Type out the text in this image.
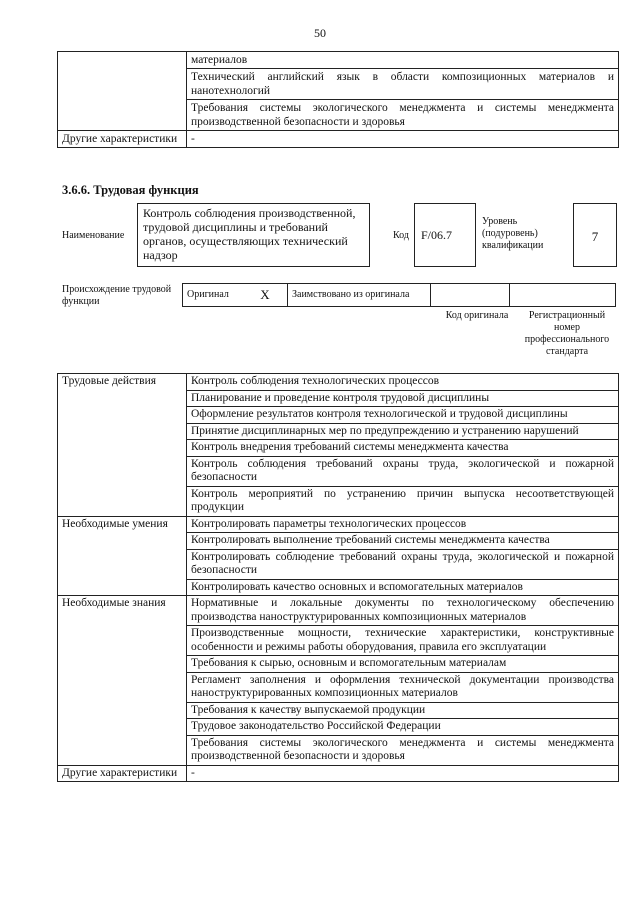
50
	материалов
	Технический английский язык в области композиционных материалов и нанотехнологий
	Требования системы экологического менеджмента и системы менеджмента производственной безопасности и здоровья
Другие характеристики	-
3.6.6. Трудовая функция
Наименование
Контроль соблюдения производственной, трудовой дисциплины и требований органов, осуществляющих технический надзор
Код	F/06.7
Уровень (подуровень) квалификации
7
Происхождение трудовой функции
Оригинал	X	Заимствовано из оригинала		
Код оригинала	Регистрационный номер профессионального стандарта
Трудовые действия	Контроль соблюдения технологических процессов
	Планирование и проведение контроля трудовой дисциплины
	Оформление результатов контроля технологической и трудовой дисциплины
	Принятие дисциплинарных мер по предупреждению и устранению нарушений
	Контроль внедрения требований системы менеджмента качества
	Контроль соблюдения требований охраны труда, экологической и пожарной безопасности
	Контроль мероприятий по устранению причин выпуска несоответствующей продукции
Необходимые умения	Контролировать параметры технологических процессов
	Контролировать выполнение требований системы менеджмента качества
	Контролировать соблюдение требований охраны труда, экологической и пожарной безопасности
	Контролировать качество основных и вспомогательных материалов
Необходимые знания	Нормативные и локальные документы по технологическому обеспечению производства наноструктурированных композиционных материалов
	Производственные мощности, технические характеристики, конструктивные особенности и режимы работы оборудования, правила его эксплуатации
	Требования к сырью, основным и вспомогательным материалам
	Регламент заполнения и оформления технической документации производства наноструктурированных композиционных материалов
	Требования к качеству выпускаемой продукции
	Трудовое законодательство Российской Федерации
	Требования системы экологического менеджмента и системы менеджмента производственной безопасности и здоровья
Другие характеристики	-
